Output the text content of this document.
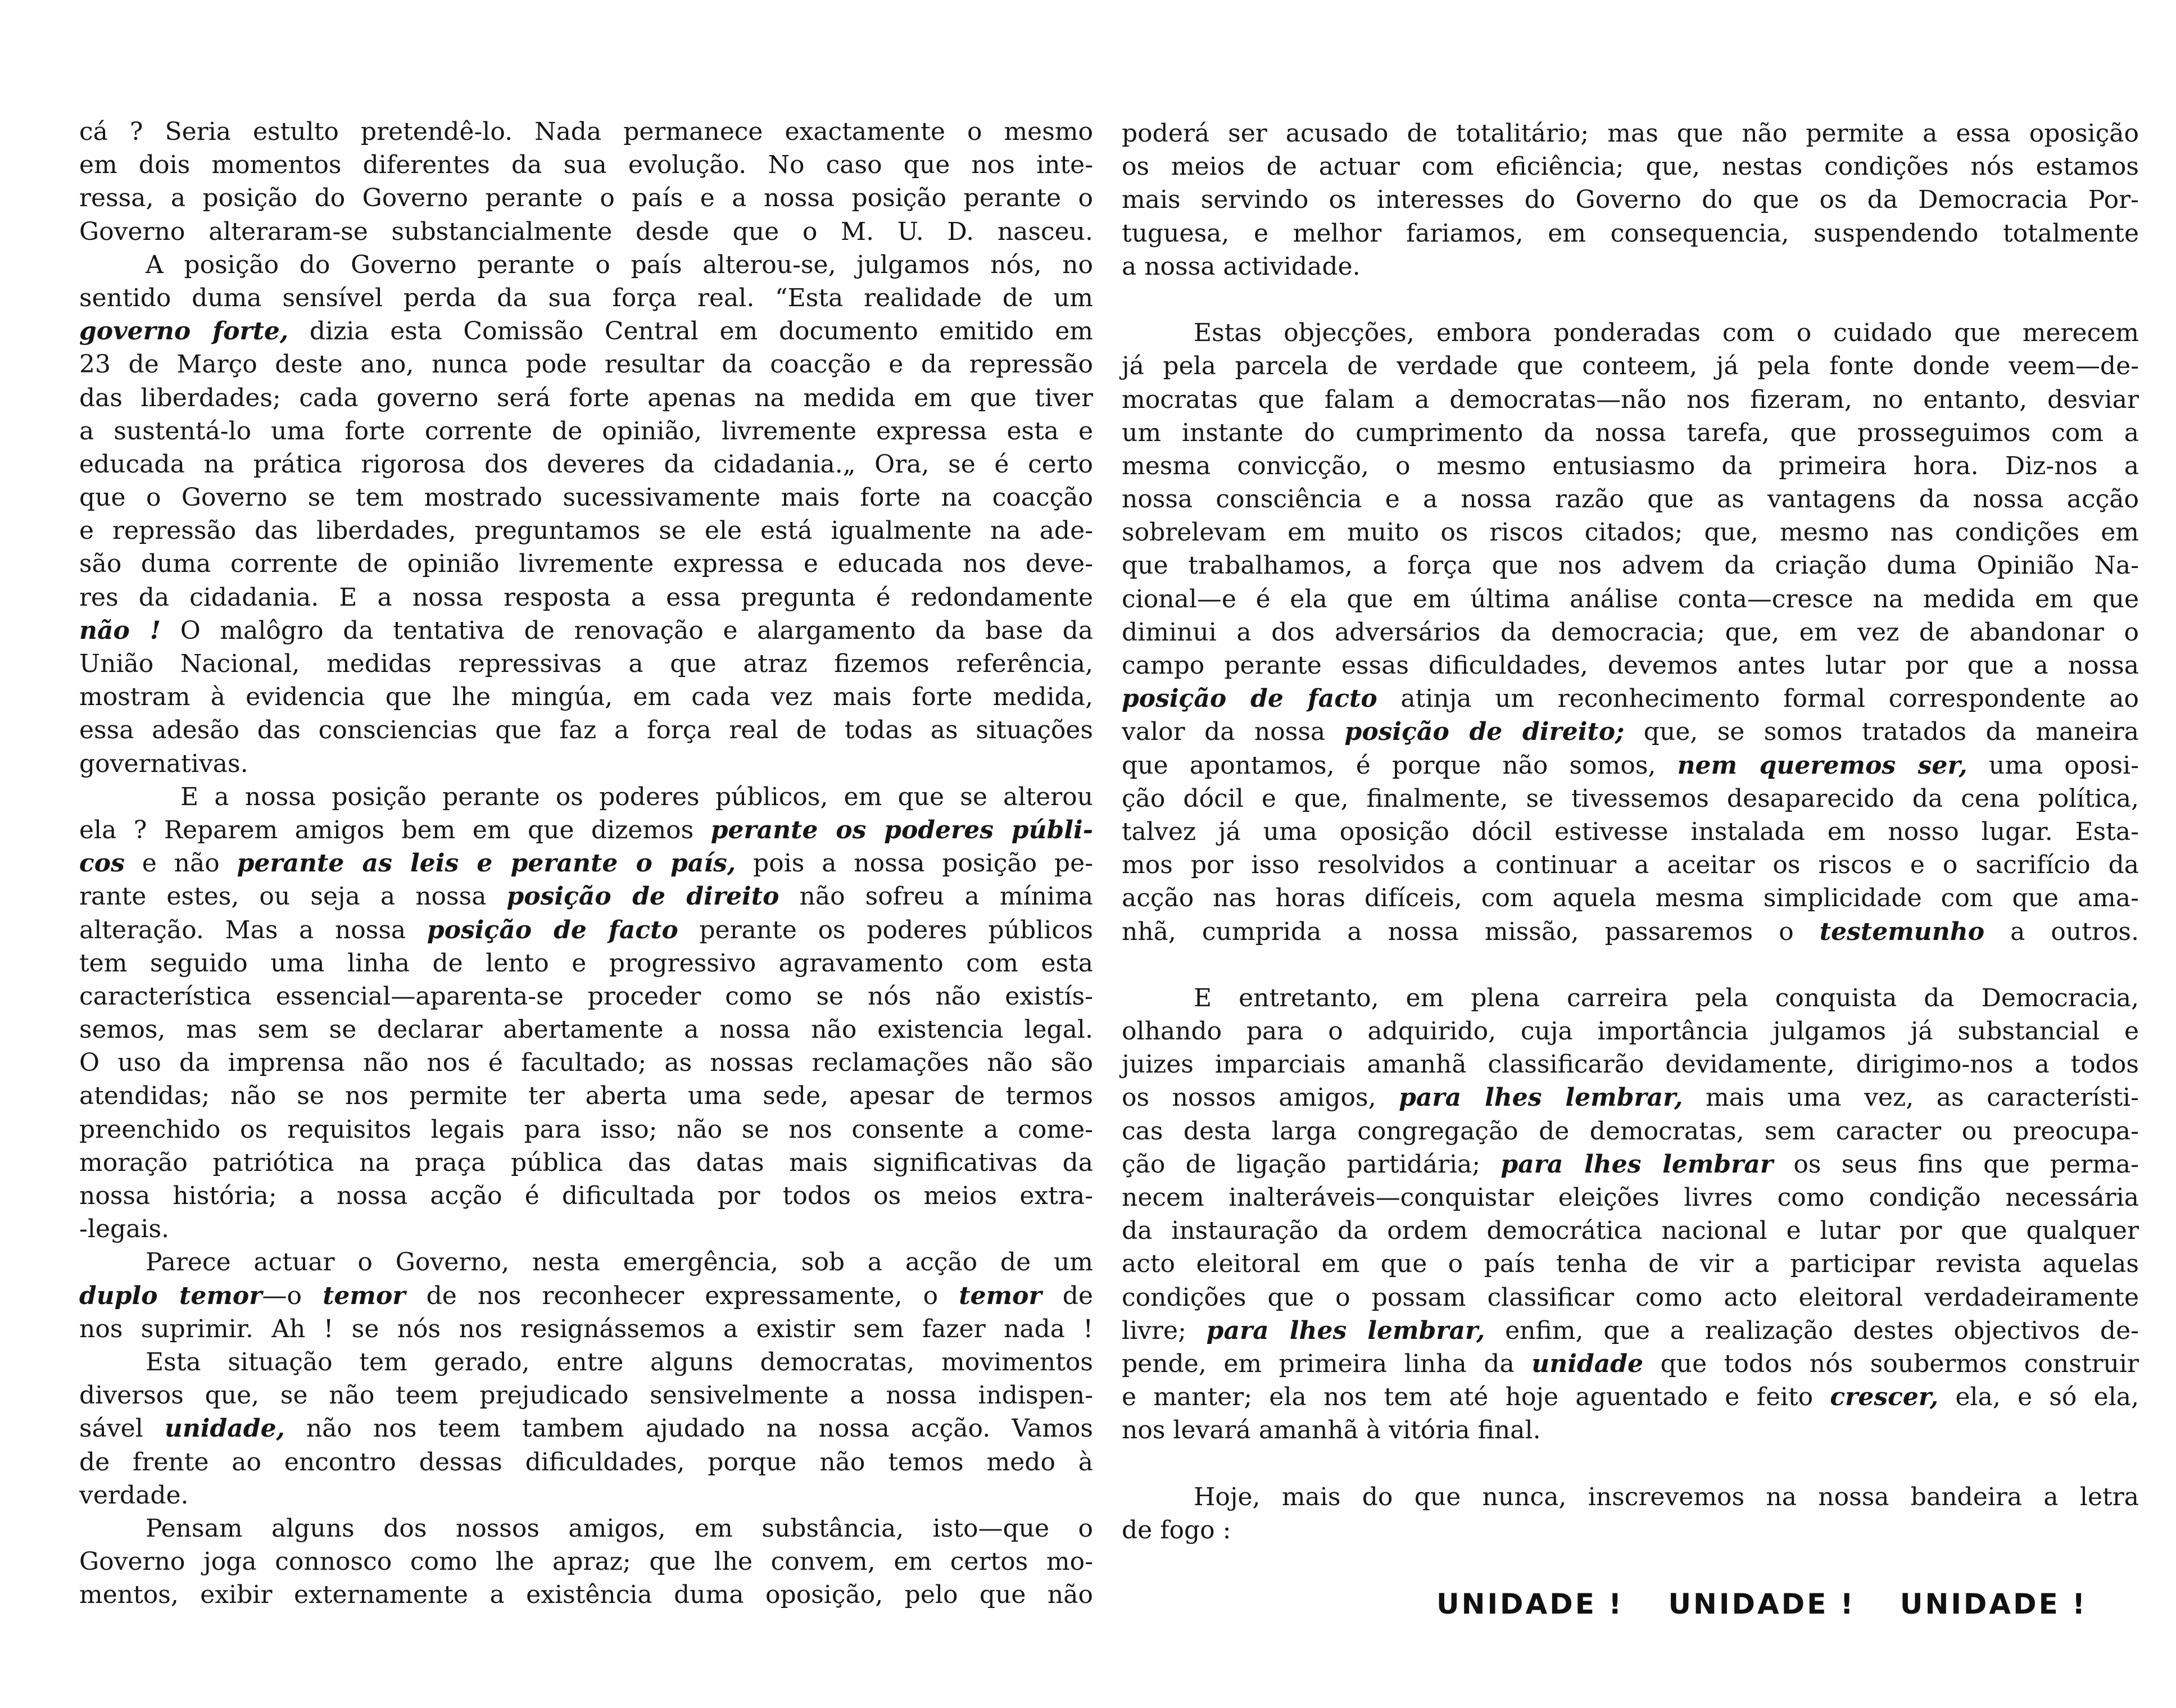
cá ? Seria estulto pretendê-lo. Nada permanece exactamente o mesmo
em dois momentos diferentes da sua evolução. No caso que nos inte-
ressa, a posição do Governo perante o país e a nossa posição perante o
Governo alteraram-se substancialmente desde que o M. U. D. nasceu.
A posição do Governo perante o país alterou-se, julgamos nós, no
sentido duma sensível perda da sua força real. “Esta realidade de um
governo forte, dizia esta Comissão Central em documento emitido em
23 de Março deste ano, nunca pode resultar da coacção e da repressão
das liberdades; cada governo será forte apenas na medida em que tiver
a sustentá-lo uma forte corrente de opinião, livremente expressa esta e
educada na prática rigorosa dos deveres da cidadania.„ Ora, se é certo
que o Governo se tem mostrado sucessivamente mais forte na coacção
e repressão das liberdades, preguntamos se ele está igualmente na ade-
são duma corrente de opinião livremente expressa e educada nos deve-
res da cidadania. E a nossa resposta a essa pregunta é redondamente
não ! O malôgro da tentativa de renovação e alargamento da base da
União Nacional, medidas repressivas a que atraz fizemos referência,
mostram à evidencia que lhe mingúa, em cada vez mais forte medida,
essa adesão das consciencias que faz a força real de todas as situações
governativas.
E a nossa posição perante os poderes públicos, em que se alterou
ela ? Reparem amigos bem em que dizemos perante os poderes públi-
cos e não perante as leis e perante o país, pois a nossa posição pe-
rante estes, ou seja a nossa posição de direito não sofreu a mínima
alteração. Mas a nossa posição de facto perante os poderes públicos
tem seguido uma linha de lento e progressivo agravamento com esta
característica essencial—aparenta-se proceder como se nós não existís-
semos, mas sem se declarar abertamente a nossa não existencia legal.
O uso da imprensa não nos é facultado; as nossas reclamações não são
atendidas; não se nos permite ter aberta uma sede, apesar de termos
preenchido os requisitos legais para isso; não se nos consente a come-
moração patriótica na praça pública das datas mais significativas da
nossa história; a nossa acção é dificultada por todos os meios extra-
-legais.
Parece actuar o Governo, nesta emergência, sob a acção de um
duplo temor—o temor de nos reconhecer expressamente, o temor de
nos suprimir. Ah ! se nós nos resignássemos a existir sem fazer nada !
Esta situação tem gerado, entre alguns democratas, movimentos
diversos que, se não teem prejudicado sensivelmente a nossa indispen-
sável unidade, não nos teem tambem ajudado na nossa acção. Vamos
de frente ao encontro dessas dificuldades, porque não temos medo à
verdade.
Pensam alguns dos nossos amigos, em substância, isto—que o
Governo joga connosco como lhe apraz; que lhe convem, em certos mo-
mentos, exibir externamente a existência duma oposição, pelo que não
poderá ser acusado de totalitário; mas que não permite a essa oposição
os meios de actuar com eficiência; que, nestas condições nós estamos
mais servindo os interesses do Governo do que os da Democracia Por-
tuguesa, e melhor fariamos, em consequencia, suspendendo totalmente
a nossa actividade.
Estas objecções, embora ponderadas com o cuidado que merecem
já pela parcela de verdade que conteem, já pela fonte donde veem—de-
mocratas que falam a democratas—não nos fizeram, no entanto, desviar
um instante do cumprimento da nossa tarefa, que prosseguimos com a
mesma convicção, o mesmo entusiasmo da primeira hora. Diz-nos a
nossa consciência e a nossa razão que as vantagens da nossa acção
sobrelevam em muito os riscos citados; que, mesmo nas condições em
que trabalhamos, a força que nos advem da criação duma Opinião Na-
cional—e é ela que em última análise conta—cresce na medida em que
diminui a dos adversários da democracia; que, em vez de abandonar o
campo perante essas dificuldades, devemos antes lutar por que a nossa
posição de facto atinja um reconhecimento formal correspondente ao
valor da nossa posição de direito; que, se somos tratados da maneira
que apontamos, é porque não somos, nem queremos ser, uma oposi-
ção dócil e que, finalmente, se tivessemos desaparecido da cena política,
talvez já uma oposição dócil estivesse instalada em nosso lugar. Esta-
mos por isso resolvidos a continuar a aceitar os riscos e o sacrifício da
acção nas horas difíceis, com aquela mesma simplicidade com que ama-
nhã, cumprida a nossa missão, passaremos o testemunho a outros.
E entretanto, em plena carreira pela conquista da Democracia,
olhando para o adquirido, cuja importância julgamos já substancial e
juizes imparciais amanhã classificarão devidamente, dirigimo-nos a todos
os nossos amigos, para lhes lembrar, mais uma vez, as característi-
cas desta larga congregação de democratas, sem caracter ou preocupa-
ção de ligação partidária; para lhes lembrar os seus fins que perma-
necem inalteráveis—conquistar eleições livres como condição necessária
da instauração da ordem democrática nacional e lutar por que qualquer
acto eleitoral em que o país tenha de vir a participar revista aquelas
condições que o possam classificar como acto eleitoral verdadeiramente
livre; para lhes lembrar, enfim, que a realização destes objectivos de-
pende, em primeira linha da unidade que todos nós soubermos construir
e manter; ela nos tem até hoje aguentado e feito crescer, ela, e só ela,
nos levará amanhã à vitória final.
Hoje, mais do que nunca, inscrevemos na nossa bandeira a letra
de fogo :
UNIDADE ! UNIDADE ! UNIDADE !
